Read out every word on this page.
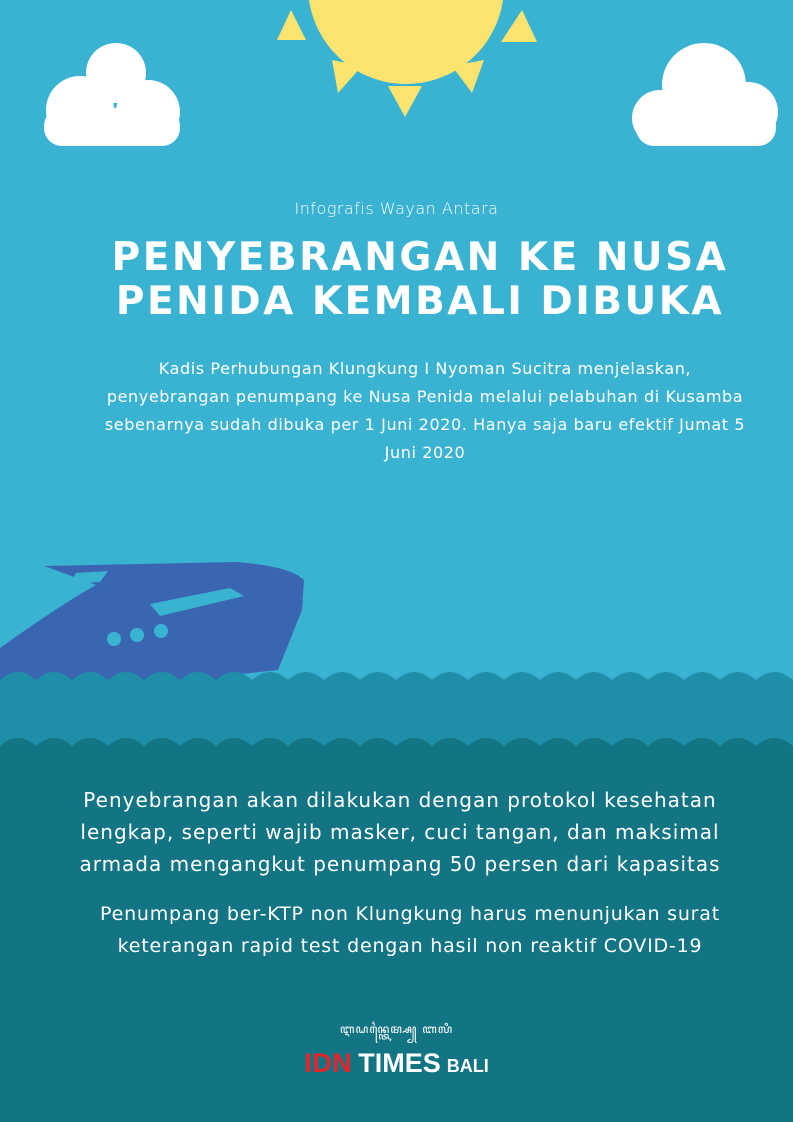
Infografis Wayan Antara
PENYEBRANGAN KE NUSA
PENIDA KEMBALI DIBUKA

Kadis Perhubungan Klungkung I Nyoman Sucitra menjelaskan, penyebrangan penumpang ke Nusa Penida melalui pelabuhan di Kusamba sebenarnya sudah dibuka per 1 Juni 2020. Hanya saja baru efektif Jumat 5 Juni 2020

Penyebrangan akan dilakukan dengan protokol kesehatan lengkap, seperti wajib masker, cuci tangan, dan maksimal armada mengangkut penumpang 50 persen dari kapasitas

Penumpang ber-KTP non Klungkung harus menunjukan surat keterangan rapid test dengan hasil non reaktif COVID-19

ꦆꦝꦤ꧀ꦠꦻꦩ꧀ꦱ꧀ ꦧꦭꦶ
IDN TIMES BALI
